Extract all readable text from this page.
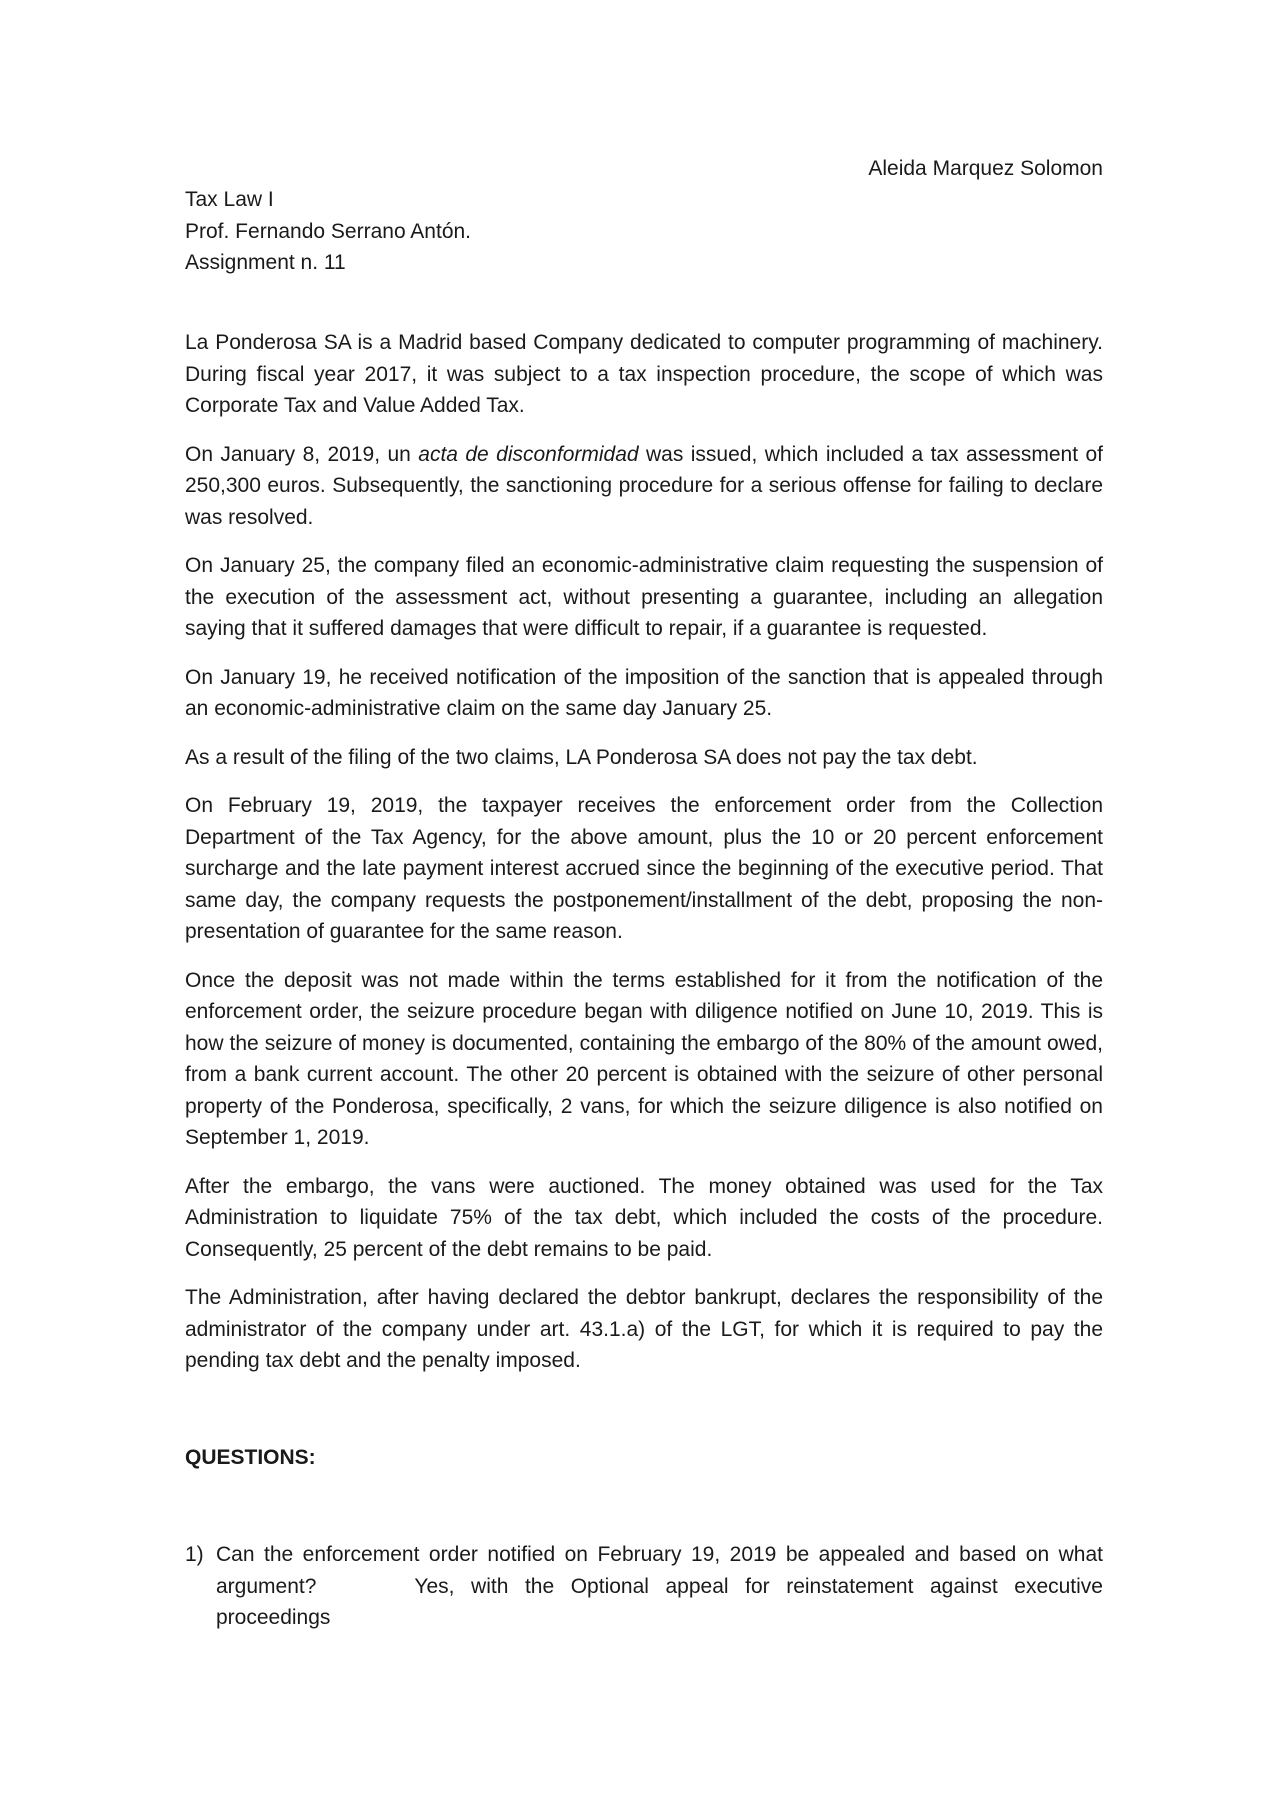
Aleida Marquez Solomon
Tax Law I
Prof. Fernando Serrano Antón.
Assignment n. 11

La Ponderosa SA is a Madrid based Company dedicated to computer programming of machinery. During fiscal year 2017, it was subject to a tax inspection procedure, the scope of which was Corporate Tax and Value Added Tax.

On January 8, 2019, un acta de disconformidad was issued, which included a tax assessment of 250,300 euros. Subsequently, the sanctioning procedure for a serious offense for failing to declare was resolved.

On January 25, the company filed an economic-administrative claim requesting the suspension of the execution of the assessment act, without presenting a guarantee, including an allegation saying that it suffered damages that were difficult to repair, if a guarantee is requested.

On January 19, he received notification of the imposition of the sanction that is appealed through an economic-administrative claim on the same day January 25.

As a result of the filing of the two claims, LA Ponderosa SA does not pay the tax debt.

On February 19, 2019, the taxpayer receives the enforcement order from the Collection Department of the Tax Agency, for the above amount, plus the 10 or 20 percent enforcement surcharge and the late payment interest accrued since the beginning of the executive period. That same day, the company requests the postponement/installment of the debt, proposing the non-presentation of guarantee for the same reason.

Once the deposit was not made within the terms established for it from the notification of the enforcement order, the seizure procedure began with diligence notified on June 10, 2019. This is how the seizure of money is documented, containing the embargo of the 80% of the amount owed, from a bank current account. The other 20 percent is obtained with the seizure of other personal property of the Ponderosa, specifically, 2 vans, for which the seizure diligence is also notified on September 1, 2019.

After the embargo, the vans were auctioned. The money obtained was used for the Tax Administration to liquidate 75% of the tax debt, which included the costs of the procedure. Consequently, 25 percent of the debt remains to be paid.

The Administration, after having declared the debtor bankrupt, declares the responsibility of the administrator of the company under art. 43.1.a) of the LGT, for which it is required to pay the pending tax debt and the penalty imposed.

QUESTIONS:
1) Can the enforcement order notified on February 19, 2019 be appealed and based on what argument?	Yes, with the Optional appeal for reinstatement against executive proceedings
